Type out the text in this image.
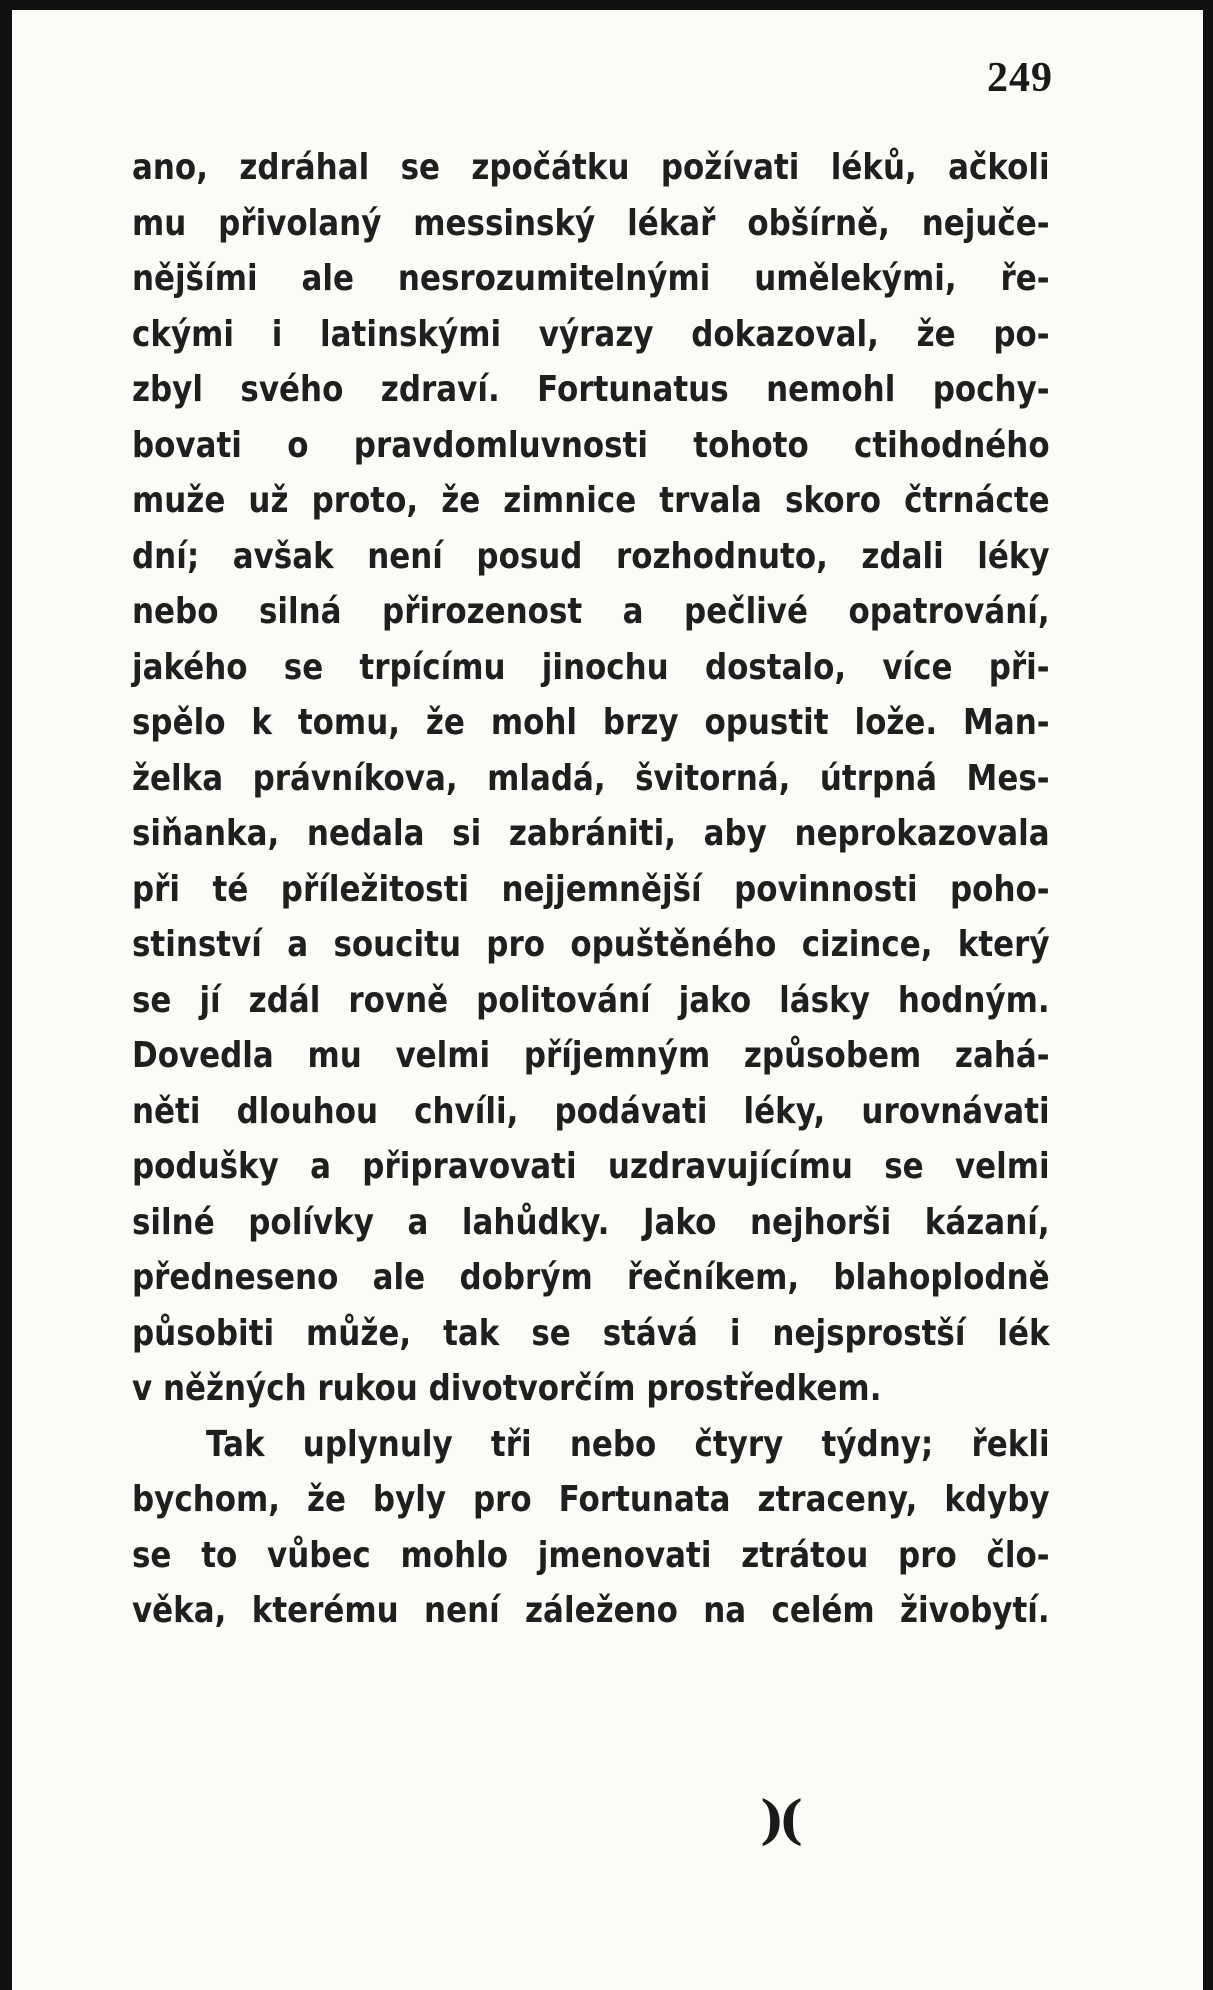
249
ano, zdráhal se zpočátku požívati léků, ačkoli
mu přivolaný messinský lékař obšírně, nejuče-
nějšími ale nesrozumitelnými umělekými, ře-
ckými i latinskými výrazy dokazoval, že po-
zbyl svého zdraví. Fortunatus nemohl pochy-
bovati o pravdomluvnosti tohoto ctihodného
muže už proto, že zimnice trvala skoro čtrnácte
dní; avšak není posud rozhodnuto, zdali léky
nebo silná přirozenost a pečlivé opatrování,
jakého se trpícímu jinochu dostalo, více při-
spělo k tomu, že mohl brzy opustit lože. Man-
želka právníkova, mladá, švitorná, útrpná Mes-
siňanka, nedala si zabrániti, aby neprokazovala
při té příležitosti nejjemnější povinnosti poho-
stinství a soucitu pro opuštěného cizince, který
se jí zdál rovně politování jako lásky hodným.
Dovedla mu velmi příjemným způsobem zahá-
něti dlouhou chvíli, podávati léky, urovnávati
podušky a připravovati uzdravujícímu se velmi
silné polívky a lahůdky. Jako nejhorši kázaní,
předneseno ale dobrým řečníkem, blahoplodně
působiti může, tak se stává i nejsprostší lék
v něžných rukou divotvorčím prostředkem.
Tak uplynuly tři nebo čtyry týdny; řekli
bychom, že byly pro Fortunata ztraceny, kdyby
se to vůbec mohlo jmenovati ztrátou pro člo-
věka, kterému není záleženo na celém živobytí.
)(
